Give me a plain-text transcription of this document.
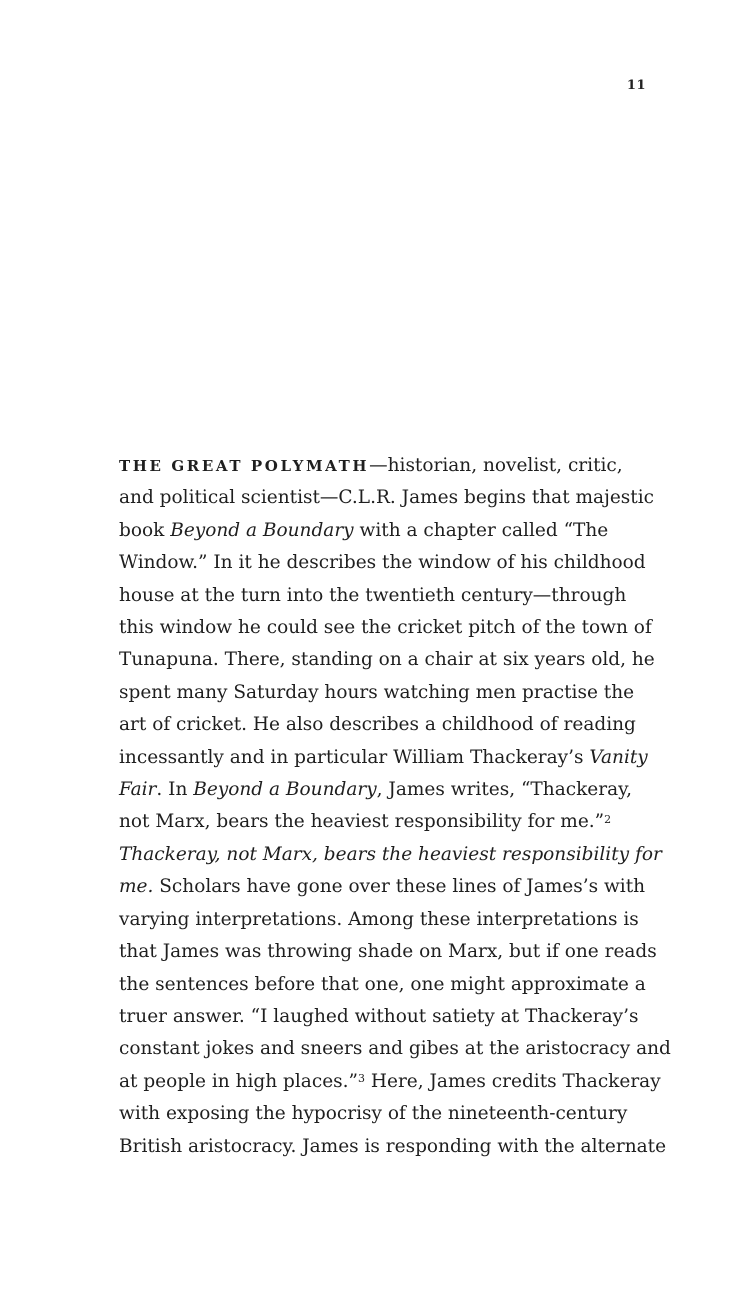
11
THE GREAT POLYMATH—historian, novelist, critic,
and political scientist—C.L.R. James begins that majestic
book Beyond a Boundary with a chapter called “The
Window.” In it he describes the window of his childhood
house at the turn into the twentieth century—through
this window he could see the cricket pitch of the town of
Tunapuna. There, standing on a chair at six years old, he
spent many Saturday hours watching men practise the
art of cricket. He also describes a childhood of reading
incessantly and in particular William Thackeray’s Vanity
Fair. In Beyond a Boundary, James writes, “Thackeray,
not Marx, bears the heaviest responsibility for me.”$^2$
Thackeray, not Marx, bears the heaviest responsibility for
me. Scholars have gone over these lines of James’s with
varying interpretations. Among these interpretations is
that James was throwing shade on Marx, but if one reads
the sentences before that one, one might approximate a
truer answer. “I laughed without satiety at Thackeray’s
constant jokes and sneers and gibes at the aristocracy and
at people in high places.”$^3$ Here, James credits Thackeray
with exposing the hypocrisy of the nineteenth-century
British aristocracy. James is responding with the alternate
